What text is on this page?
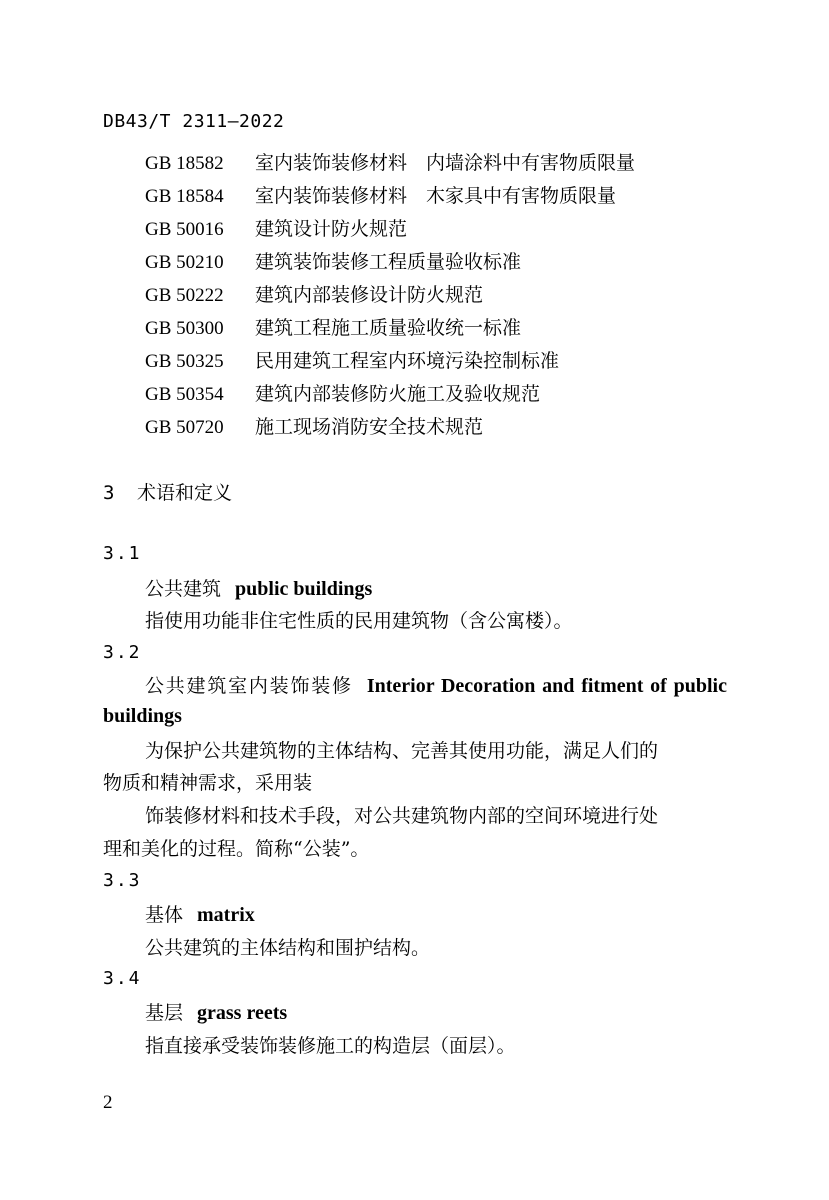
DB43/T 2311—2022
GB 18582 室内装饰装修材料　内墙涂料中有害物质限量
GB 18584 室内装饰装修材料　木家具中有害物质限量
GB 50016 建筑设计防火规范
GB 50210 建筑装饰装修工程质量验收标准
GB 50222 建筑内部装修设计防火规范
GB 50300 建筑工程施工质量验收统一标准
GB 50325 民用建筑工程室内环境污染控制标准
GB 50354 建筑内部装修防火施工及验收规范
GB 50720 施工现场消防安全技术规范
3 术语和定义
3.1
公共建筑 public buildings
指使用功能非住宅性质的民用建筑物（含公寓楼）。
3.2
公共建筑室内装饰装修 Interior Decoration and fitment of public buildings
为保护公共建筑物的主体结构、完善其使用功能，满足人们的
物质和精神需求，采用装
饰装修材料和技术手段，对公共建筑物内部的空间环境进行处
理和美化的过程。简称“公装”。
3.3
基体 matrix
公共建筑的主体结构和围护结构。
3.4
基层 grass reets
指直接承受装饰装修施工的构造层（面层）。
2
